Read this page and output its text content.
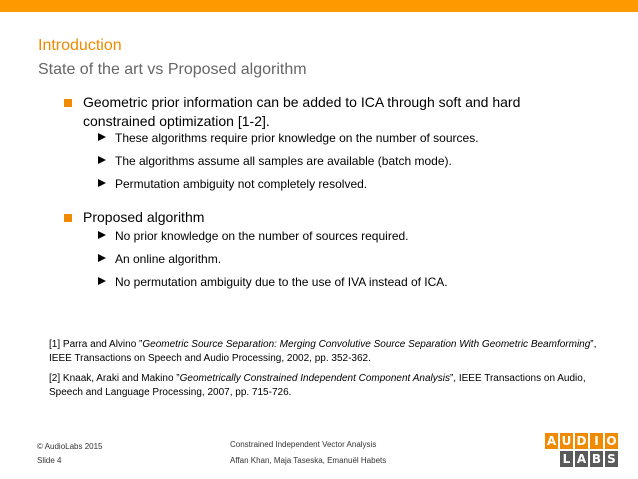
Introduction
State of the art vs Proposed algorithm
Geometric prior information can be added to ICA through soft and hard constrained optimization [1-2].
These algorithms require prior knowledge on the number of sources.
The algorithms assume all samples are available (batch mode).
Permutation ambiguity not completely resolved.
Proposed algorithm
No prior knowledge on the number of sources required.
An online algorithm.
No permutation ambiguity due to the use of IVA instead of ICA.
[1] Parra and Alvino ”Geometric Source Separation: Merging Convolutive Source Separation With Geometric Beamforming”, IEEE Transactions on Speech and Audio Processing, 2002, pp. 352-362.
[2] Knaak, Araki and Makino ”Geometrically Constrained Independent Component Analysis”, IEEE Transactions on Audio, Speech and Language Processing, 2007, pp. 715-726.
© AudioLabs 2015
Slide 4
Constrained Independent Vector Analysis
Affan Khan, Maja Taseska, Emanuël Habets
A U D I O
L A B S
